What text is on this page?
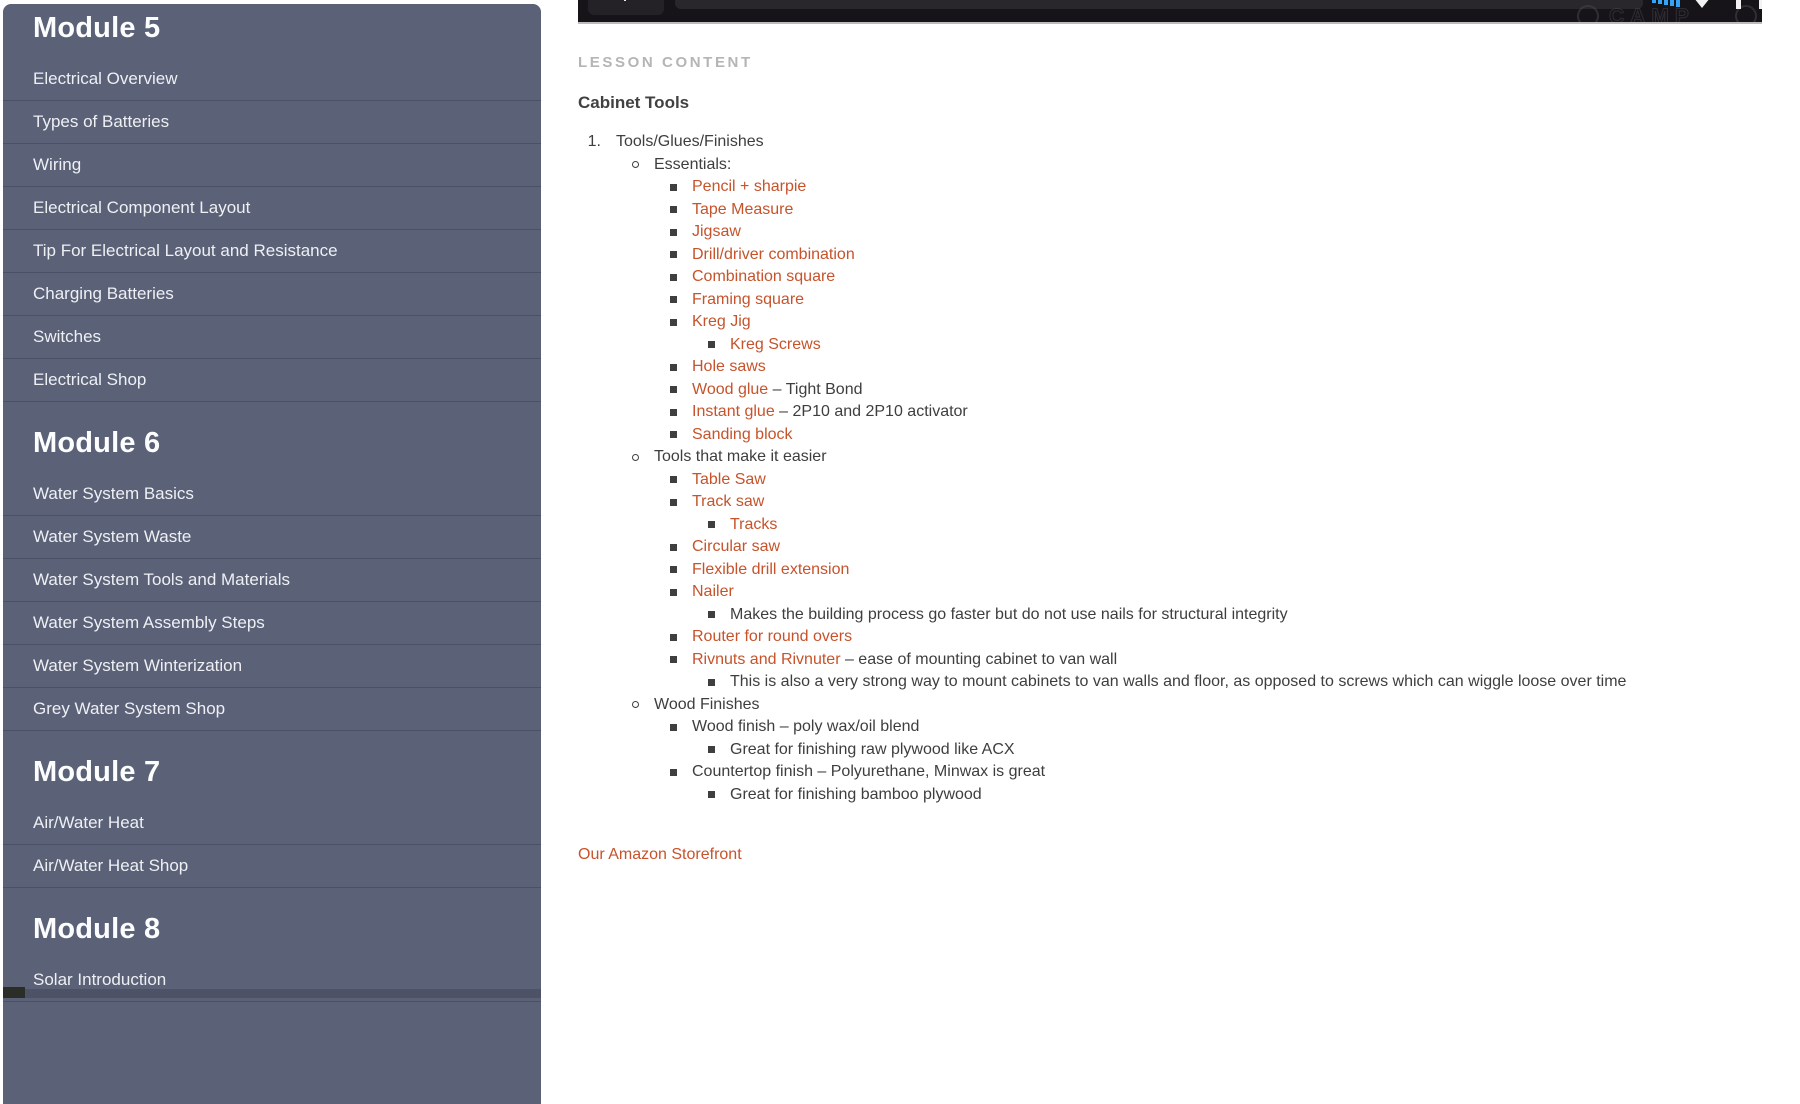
Module 5
Electrical Overview
Types of Batteries
Wiring
Electrical Component Layout
Tip For Electrical Layout and Resistance
Charging Batteries
Switches
Electrical Shop
Module 6
Water System Basics
Water System Waste
Water System Tools and Materials
Water System Assembly Steps
Water System Winterization
Grey Water System Shop
Module 7
Air/Water Heat
Air/Water Heat Shop
Module 8
Solar Introduction
CAMP
LESSON CONTENT
Cabinet Tools
1. Tools/Glues/Finishes
Essentials:
Pencil + sharpie
Tape Measure
Jigsaw
Drill/driver combination
Combination square
Framing square
Kreg Jig
Kreg Screws
Hole saws
Wood glue – Tight Bond
Instant glue – 2P10 and 2P10 activator
Sanding block
Tools that make it easier
Table Saw
Track saw
Tracks
Circular saw
Flexible drill extension
Nailer
Makes the building process go faster but do not use nails for structural integrity
Router for round overs
Rivnuts and Rivnuter – ease of mounting cabinet to van wall
This is also a very strong way to mount cabinets to van walls and floor, as opposed to screws which can wiggle loose over time
Wood Finishes
Wood finish – poly wax/oil blend
Great for finishing raw plywood like ACX
Countertop finish – Polyurethane, Minwax is great
Great for finishing bamboo plywood
Our Amazon Storefront
